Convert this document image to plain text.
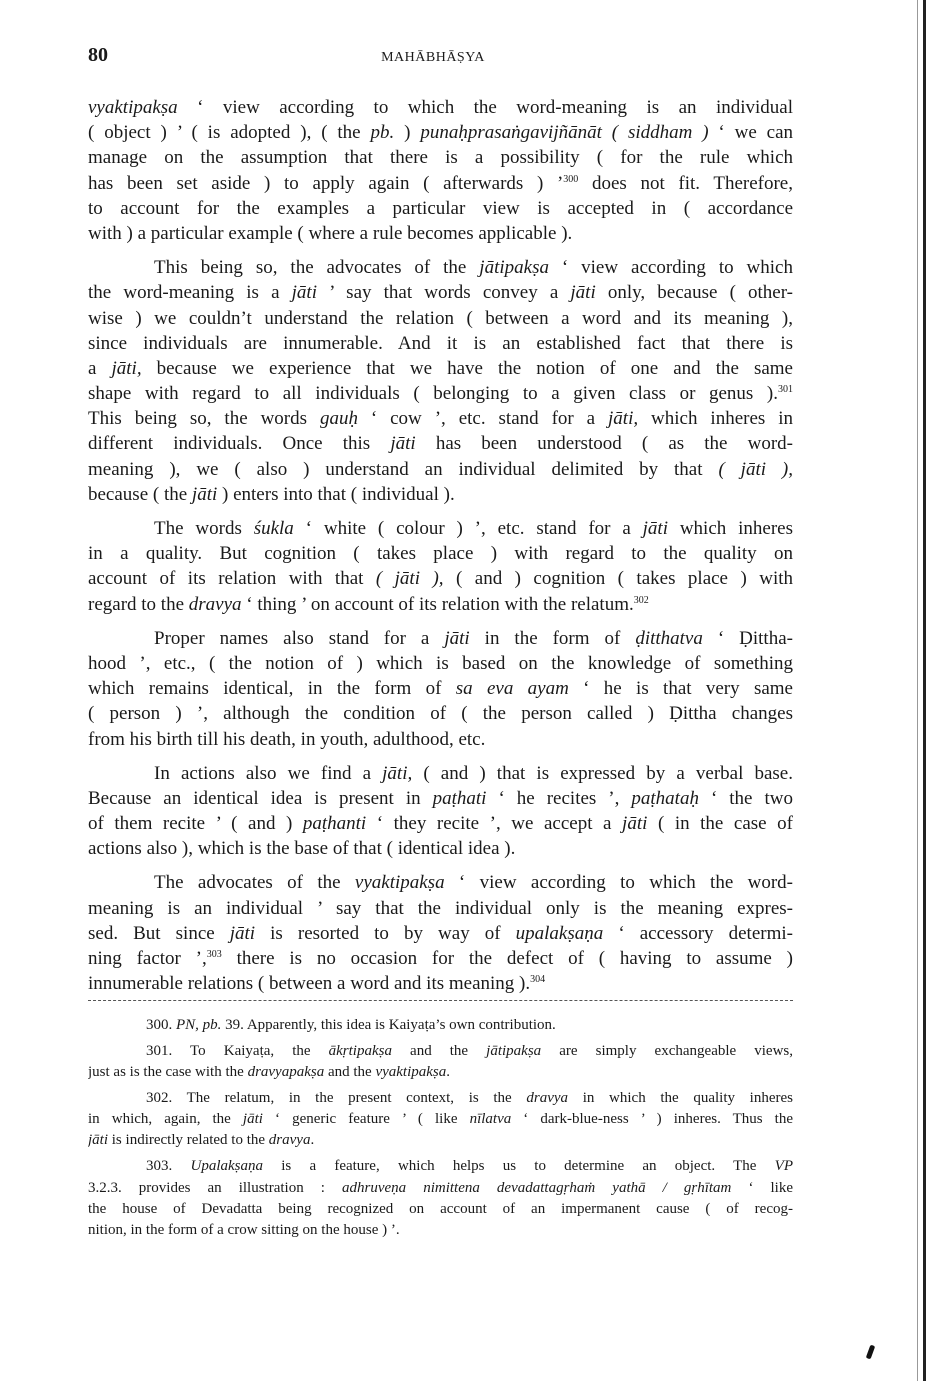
80	MAHĀBHĀṢYA
vyaktipakṣa ‘ view according to which the word-meaning is an individual
( object ) ’ ( is adopted ), ( the pb. ) punaḥprasaṅgavijñānāt ( siddham ) ‘ we can
manage on the assumption that there is a possibility ( for the rule which
has been set aside ) to apply again ( afterwards ) ’$^{300}$ does not fit. Therefore,
to account for the examples a particular view is accepted in ( accordance
with ) a particular example ( where a rule becomes applicable ).
This being so, the advocates of the jātipakṣa ‘ view according to which
the word-meaning is a jāti ’ say that words convey a jāti only, because ( other-
wise ) we couldn’t understand the relation ( between a word and its meaning ),
since individuals are innumerable. And it is an established fact that there is
a jāti, because we experience that we have the notion of one and the same
shape with regard to all individuals ( belonging to a given class or genus ).$^{301}$
This being so, the words gauḥ ‘ cow ’, etc. stand for a jāti, which inheres in
different individuals. Once this jāti has been understood ( as the word-
meaning ), we ( also ) understand an individual delimited by that ( jāti ),
because ( the jāti ) enters into that ( individual ).
The words śukla ‘ white ( colour ) ’, etc. stand for a jāti which inheres
in a quality. But cognition ( takes place ) with regard to the quality on
account of its relation with that ( jāti ), ( and ) cognition ( takes place ) with
regard to the dravya ‘ thing ’ on account of its relation with the relatum.$^{302}$
Proper names also stand for a jāti in the form of ḍitthatva ‘ Ḍittha-
hood ’, etc., ( the notion of ) which is based on the knowledge of something
which remains identical, in the form of sa eva ayam ‘ he is that very same
( person ) ’, although the condition of ( the person called ) Ḍittha changes
from his birth till his death, in youth, adulthood, etc.
In actions also we find a jāti, ( and ) that is expressed by a verbal base.
Because an identical idea is present in paṭhati ‘ he recites ’, paṭhataḥ ‘ the two
of them recite ’ ( and ) paṭhanti ‘ they recite ’, we accept a jāti ( in the case of
actions also ), which is the base of that ( identical idea ).
The advocates of the vyaktipakṣa ‘ view according to which the word-
meaning is an individual ’ say that the individual only is the meaning expres-
sed. But since jāti is resorted to by way of upalakṣaṇa ‘ accessory determi-
ning factor ’,$^{303}$ there is no occasion for the defect of ( having to assume )
innumerable relations ( between a word and its meaning ).$^{304}$
300. PN, pb. 39. Apparently, this idea is Kaiyaṭa’s own contribution.
301. To Kaiyaṭa, the ākṛtipakṣa and the jātipakṣa are simply exchangeable views,
just as is the case with the dravyapakṣa and the vyaktipakṣa.
302. The relatum, in the present context, is the dravya in which the quality inheres
in which, again, the jāti ‘ generic feature ’ ( like nīlatva ‘ dark-blue-ness ’ ) inheres. Thus the
jāti is indirectly related to the dravya.
303. Upalakṣaṇa is a feature, which helps us to determine an object. The VP
3.2.3. provides an illustration : adhruveṇa nimittena devadattagṛhaṁ yathā / gṛhītam ‘ like
the house of Devadatta being recognized on account of an impermanent cause ( of recog-
nition, in the form of a crow sitting on the house ) ’.
